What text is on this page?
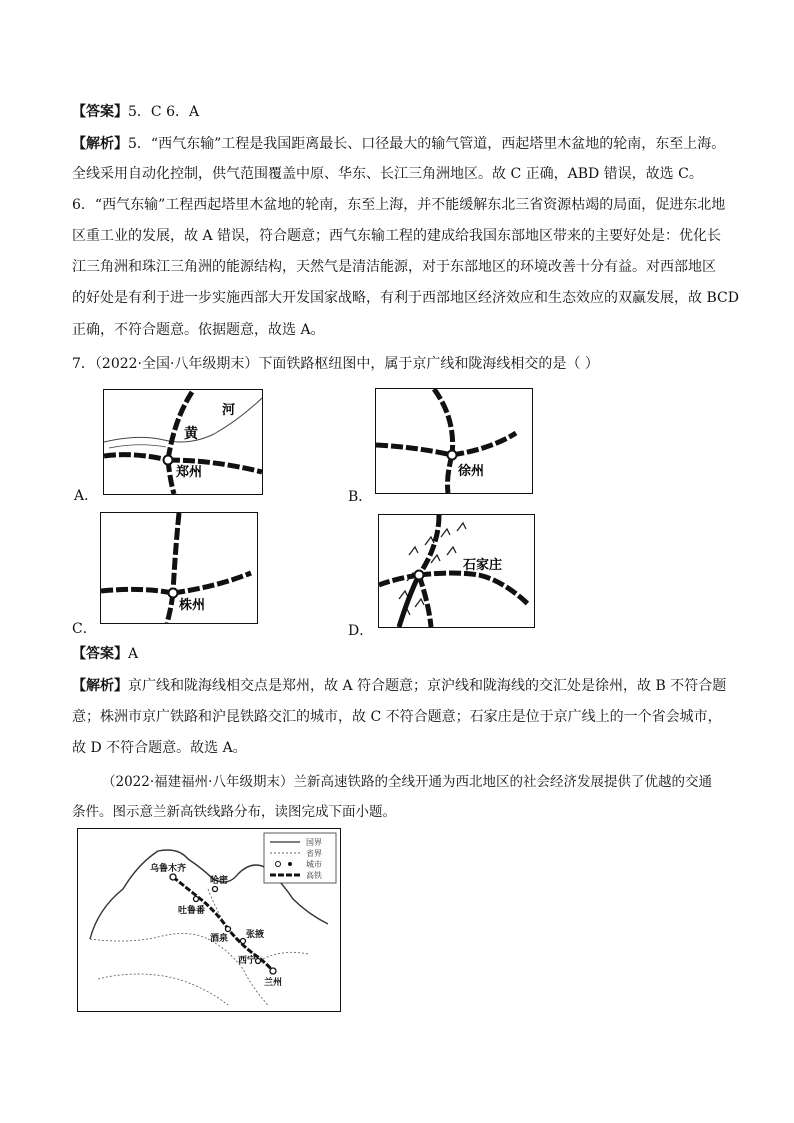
【答案】5．C 6．A
【解析】5．“西气东输”工程是我国距离最长、口径最大的输气管道，西起塔里木盆地的轮南，东至上海。
全线采用自动化控制，供气范围覆盖中原、华东、长江三角洲地区。故 C 正确，ABD 错误，故选 C。
6．“西气东输”工程西起塔里木盆地的轮南，东至上海，并不能缓解东北三省资源枯竭的局面，促进东北地
区重工业的发展，故 A 错误，符合题意；西气东输工程的建成给我国东部地区带来的主要好处是：优化长
江三角洲和珠江三角洲的能源结构，天然气是清洁能源，对于东部地区的环境改善十分有益。对西部地区
的好处是有利于进一步实施西部大开发国家战略，有利于西部地区经济效应和生态效应的双赢发展，故 BCD
正确，不符合题意。依据题意，故选 A。
7．（2022·全国·八年级期末）下面铁路枢纽图中，属于京广线和陇海线相交的是（ ）
河
黄
郑州
A．
徐州
B．
株州
C．
石家庄
D．
【答案】A
【解析】京广线和陇海线相交点是郑州，故 A 符合题意；京沪线和陇海线的交汇处是徐州，故 B 不符合题
意；株洲市京广铁路和沪昆铁路交汇的城市，故 C 不符合题意；石家庄是位于京广线上的一个省会城市，
故 D 不符合题意。故选 A。
（2022·福建福州·八年级期末）兰新高速铁路的全线开通为西北地区的社会经济发展提供了优越的交通
条件。图示意兰新高铁线路分布，读图完成下面小题。
乌鲁木齐
哈密
吐鲁番
酒泉 张掖
西宁
兰州
国界
省界
城市
高铁
